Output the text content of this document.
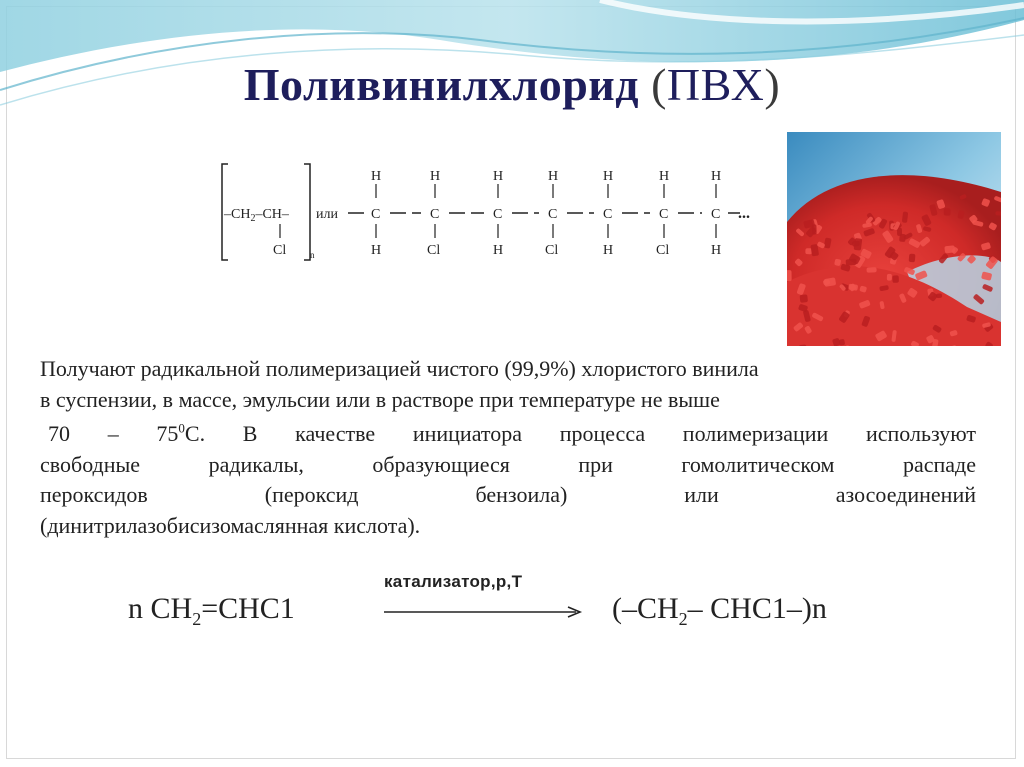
Поливинилхлорид (ПВХ)
$-CH_2-CH-$
Cl	n
или
H
C
H
H
C
Cl
H
C
H
H
C
Cl
H
C
H
H
C
Cl
H
C
H
...
Получают радикальной полимеризацией чистого (99,9%) хлористого винила
в суспензии, в массе, эмульсии или в растворе при температуре не выше
$70 - 75^0С$. В качестве инициатора процесса полимеризации используют
свободные радикалы, образующиеся при гомолитическом распаде
пероксидов (пероксид бензоила) или азосоединений
(динитрилазобисизомаслянная кислота).
n $CH_2=CHC1$
катализатор,p,T
($-CH_2-$ CHC1–)n
